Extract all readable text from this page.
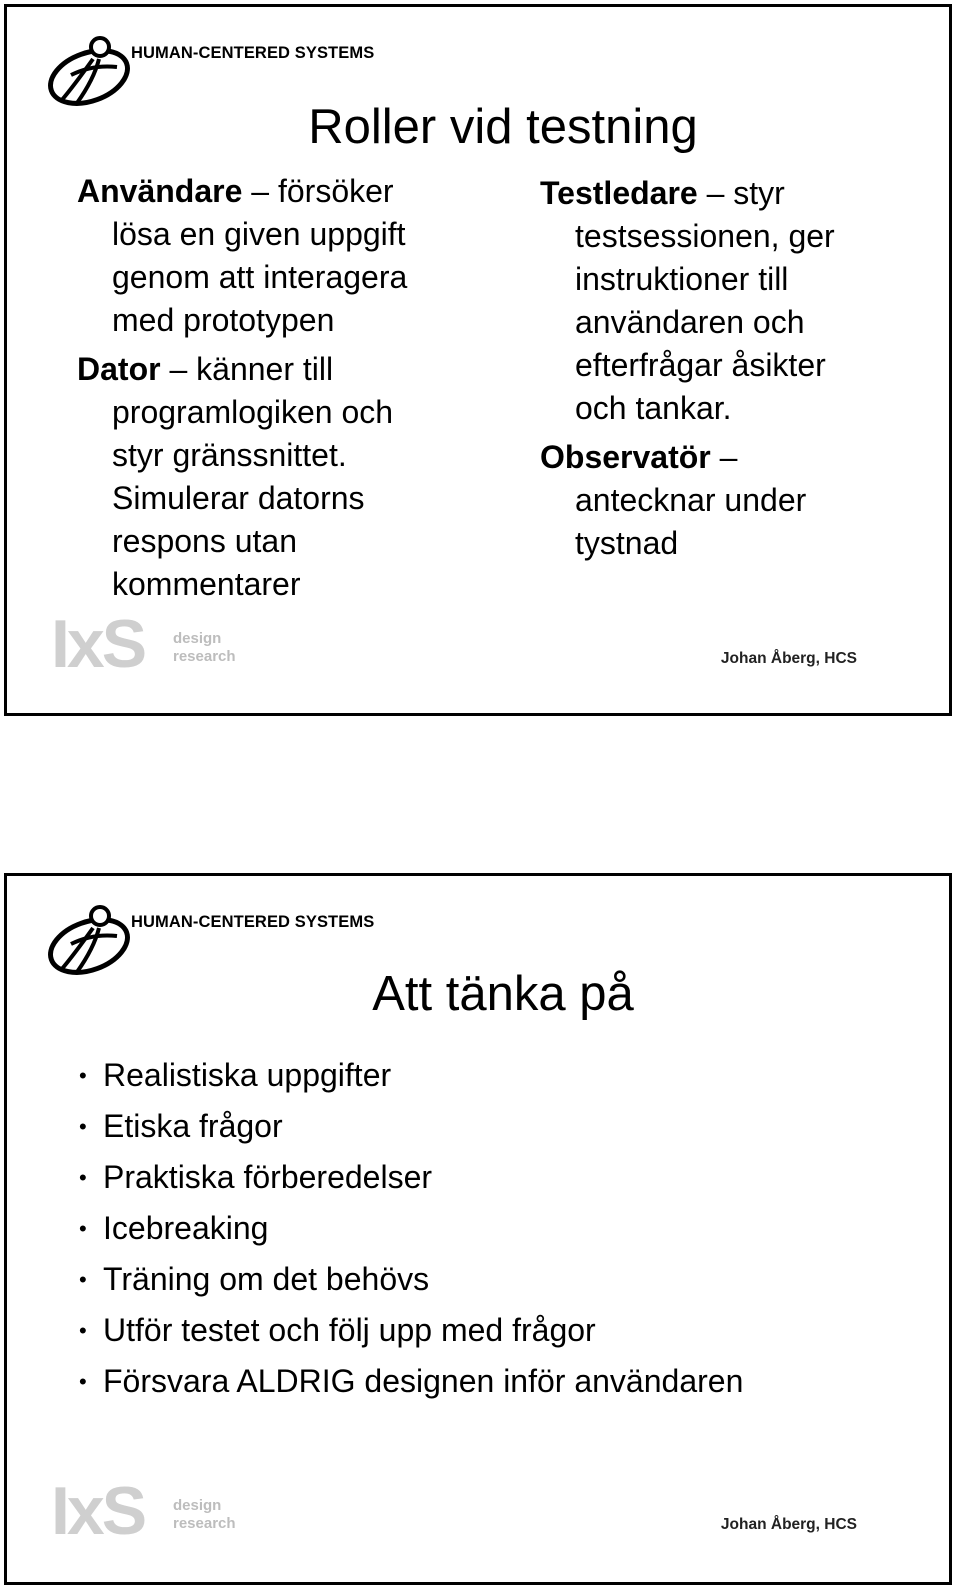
HUMAN-CENTERED SYSTEMS
Roller vid testning
Användare – försöker
lösa en given uppgift
genom att interagera
med prototypen
Dator – känner till
programlogiken och
styr gränssnittet.
Simulerar datorns
respons utan
kommentarer
Testledare – styr
testsessionen, ger
instruktioner till
användaren och
efterfrågar åsikter
och tankar.
Observatör –
antecknar under
tystnad
IxS design
research	Johan Åberg, HCS
HUMAN-CENTERED SYSTEMS
Att tänka på
• Realistiska uppgifter
• Etiska frågor
• Praktiska förberedelser
• Icebreaking
• Träning om det behövs
• Utför testet och följ upp med frågor
• Försvara ALDRIG designen inför användaren
IxS design
research	Johan Åberg, HCS
